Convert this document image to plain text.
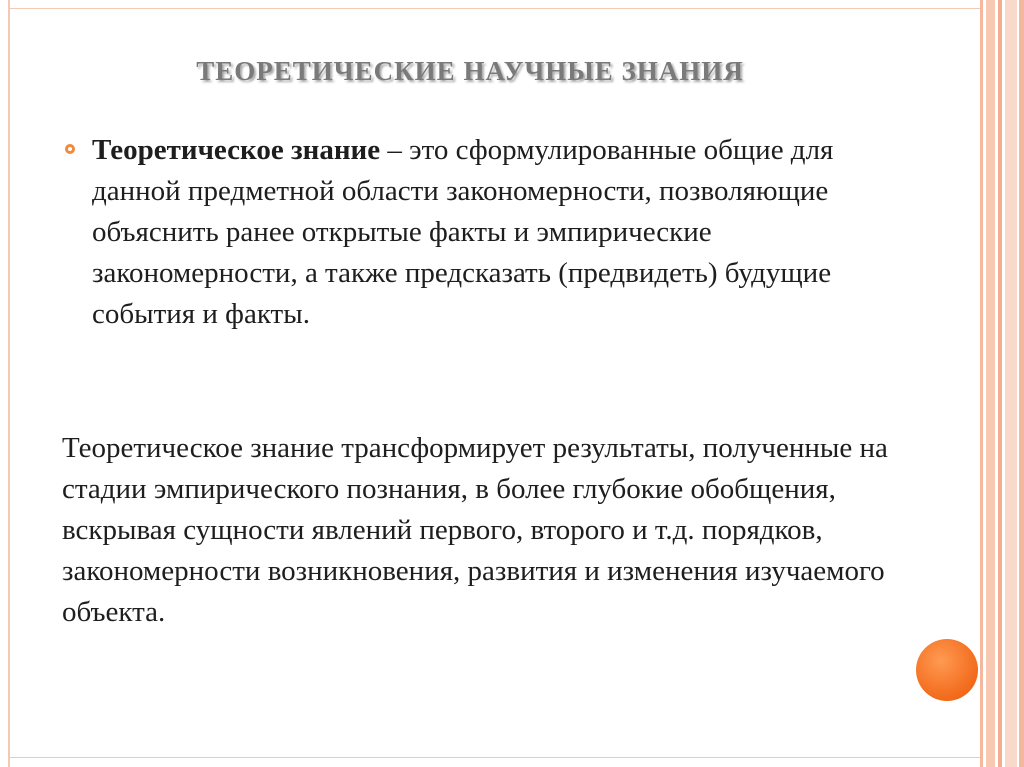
ТЕОРЕТИЧЕСКИЕ НАУЧНЫЕ ЗНАНИЯ
Теоретическое знание – это сформулированные общие для данной предметной области закономерности, позволяющие объяснить ранее открытые факты и эмпирические закономерности, а также предсказать (предвидеть) будущие события и факты.
Теоретическое знание трансформирует результаты, полученные на стадии эмпирического познания, в более глубокие обобщения, вскрывая сущности явлений первого, второго и т.д. порядков, закономерности возникновения, развития и изменения изучаемого объекта.
